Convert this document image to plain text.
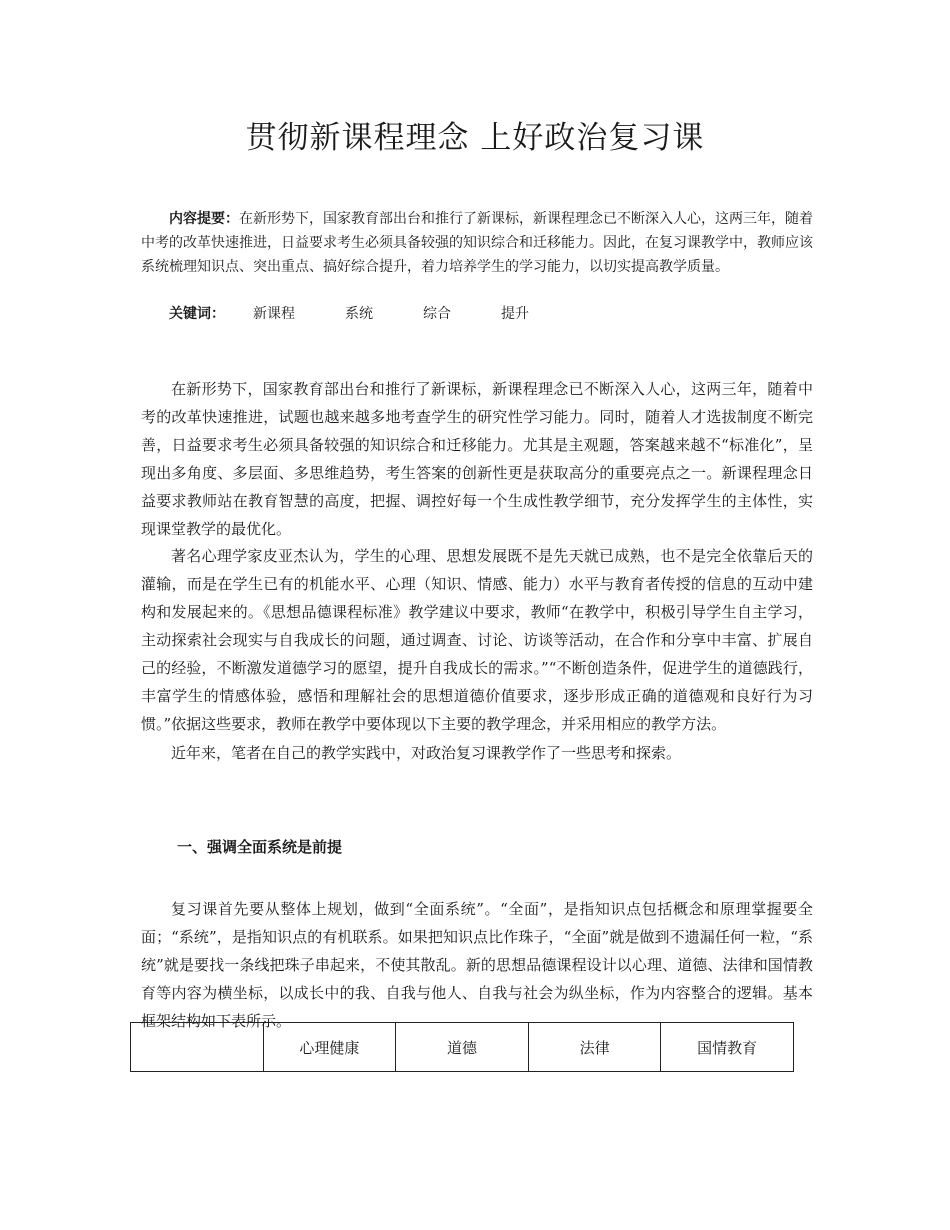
贯彻新课程理念 上好政治复习课

内容提要：在新形势下，国家教育部出台和推行了新课标，新课程理念已不断深入人心，这两三年，随着中考的改革快速推进，日益要求考生必须具备较强的知识综合和迁移能力。因此，在复习课教学中，教师应该系统梳理知识点、突出重点、搞好综合提升，着力培养学生的学习能力，以切实提高教学质量。

关键词： 新课程	系统	综合	提升

在新形势下，国家教育部出台和推行了新课标，新课程理念已不断深入人心，这两三年，随着中考的改革快速推进，试题也越来越多地考查学生的研究性学习能力。同时，随着人才选拔制度不断完善，日益要求考生必须具备较强的知识综合和迁移能力。尤其是主观题，答案越来越不“标准化”，呈现出多角度、多层面、多思维趋势，考生答案的创新性更是获取高分的重要亮点之一。新课程理念日益要求教师站在教育智慧的高度，把握、调控好每一个生成性教学细节，充分发挥学生的主体性，实现课堂教学的最优化。

著名心理学家皮亚杰认为，学生的心理、思想发展既不是先天就已成熟，也不是完全依靠后天的灌输，而是在学生已有的机能水平、心理（知识、情感、能力）水平与教育者传授的信息的互动中建构和发展起来的。《思想品德课程标准》教学建议中要求，教师“在教学中，积极引导学生自主学习，主动探索社会现实与自我成长的问题，通过调查、讨论、访谈等活动，在合作和分享中丰富、扩展自己的经验，不断激发道德学习的愿望，提升自我成长的需求。”“不断创造条件，促进学生的道德践行，丰富学生的情感体验，感悟和理解社会的思想道德价值要求，逐步形成正确的道德观和良好行为习惯。”依据这些要求，教师在教学中要体现以下主要的教学理念，并采用相应的教学方法。

近年来，笔者在自己的教学实践中，对政治复习课教学作了一些思考和探索。

一、强调全面系统是前提

复习课首先要从整体上规划，做到“全面系统”。“全面”，是指知识点包括概念和原理掌握要全面；“系统”，是指知识点的有机联系。如果把知识点比作珠子，“全面”就是做到不遗漏任何一粒，“系统”就是要找一条线把珠子串起来，不使其散乱。新的思想品德课程设计以心理、道德、法律和国情教育等内容为横坐标，以成长中的我、自我与他人、自我与社会为纵坐标，作为内容整合的逻辑。基本框架结构如下表所示。

	心理健康	道德	法律	国情教育
